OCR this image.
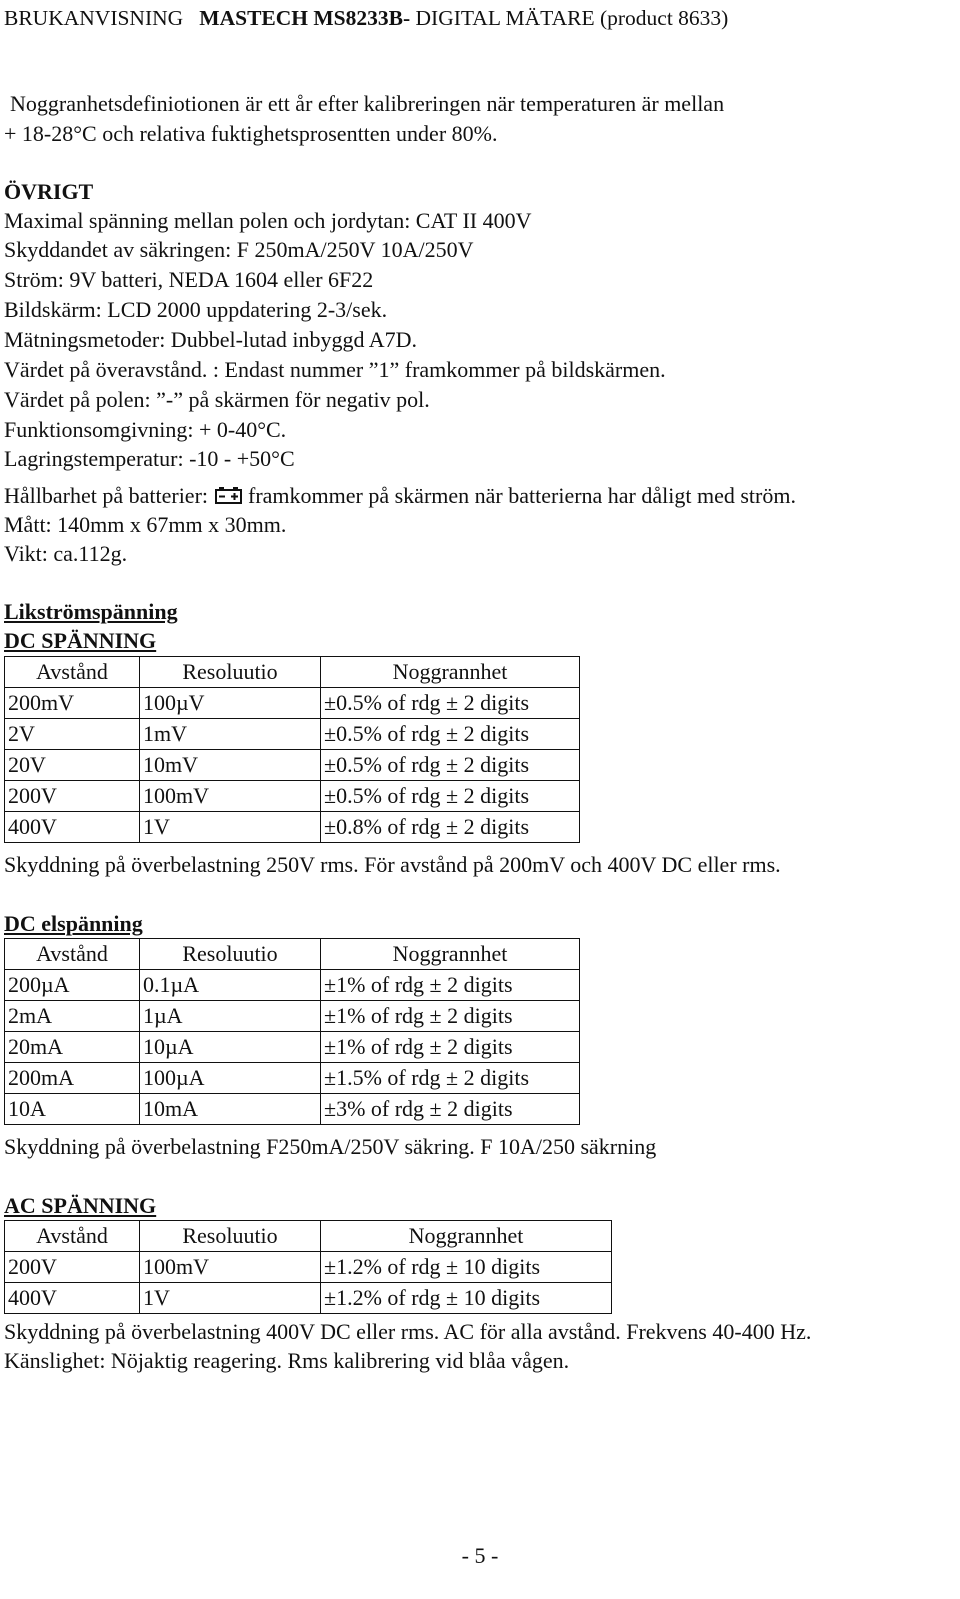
BRUKANVISNING MASTECH MS8233B- DIGITAL MÄTARE (product 8633)
Noggranhetsdefiniotionen är ett år efter kalibreringen när temperaturen är mellan
+ 18-28°C och relativa fuktighetsprosentten under 80%.
ÖVRIGT
Maximal spänning mellan polen och jordytan: CAT II 400V
Skyddandet av säkringen: F 250mA/250V 10A/250V
Ström: 9V batteri, NEDA 1604 eller 6F22
Bildskärm: LCD 2000 uppdatering 2-3/sek.
Mätningsmetoder: Dubbel-lutad inbyggd A7D.
Värdet på överavstånd. : Endast nummer ”1” framkommer på bildskärmen.
Värdet på polen: ”-” på skärmen för negativ pol.
Funktionsomgivning: + 0-40°C.
Lagringstemperatur: -10 - +50°C
Hållbarhet på batterier: framkommer på skärmen när batterierna har dåligt med ström.
Mått: 140mm x 67mm x 30mm.
Vikt: ca.112g.
Likströmspänning
DC SPÄNNING
Avstånd	Resoluutio	Noggrannhet
200mV	100µV	±0.5% of rdg ± 2 digits
2V	1mV	±0.5% of rdg ± 2 digits
20V	10mV	±0.5% of rdg ± 2 digits
200V	100mV	±0.5% of rdg ± 2 digits
400V	1V	±0.8% of rdg ± 2 digits
Skyddning på överbelastning 250V rms. För avstånd på 200mV och 400V DC eller rms.
DC elspänning
Avstånd	Resoluutio	Noggrannhet
200µA	0.1µA	±1% of rdg ± 2 digits
2mA	1µA	±1% of rdg ± 2 digits
20mA	10µA	±1% of rdg ± 2 digits
200mA	100µA	±1.5% of rdg ± 2 digits
10A	10mA	±3% of rdg ± 2 digits
Skyddning på överbelastning F250mA/250V säkring. F 10A/250 säkrning
AC SPÄNNING
Avstånd	Resoluutio	Noggrannhet
200V	100mV	±1.2% of rdg ± 10 digits
400V	1V	±1.2% of rdg ± 10 digits
Skyddning på överbelastning 400V DC eller rms. AC för alla avstånd. Frekvens 40-400 Hz.
Känslighet: Nöjaktig reagering. Rms kalibrering vid blåa vågen.
- 5 -
